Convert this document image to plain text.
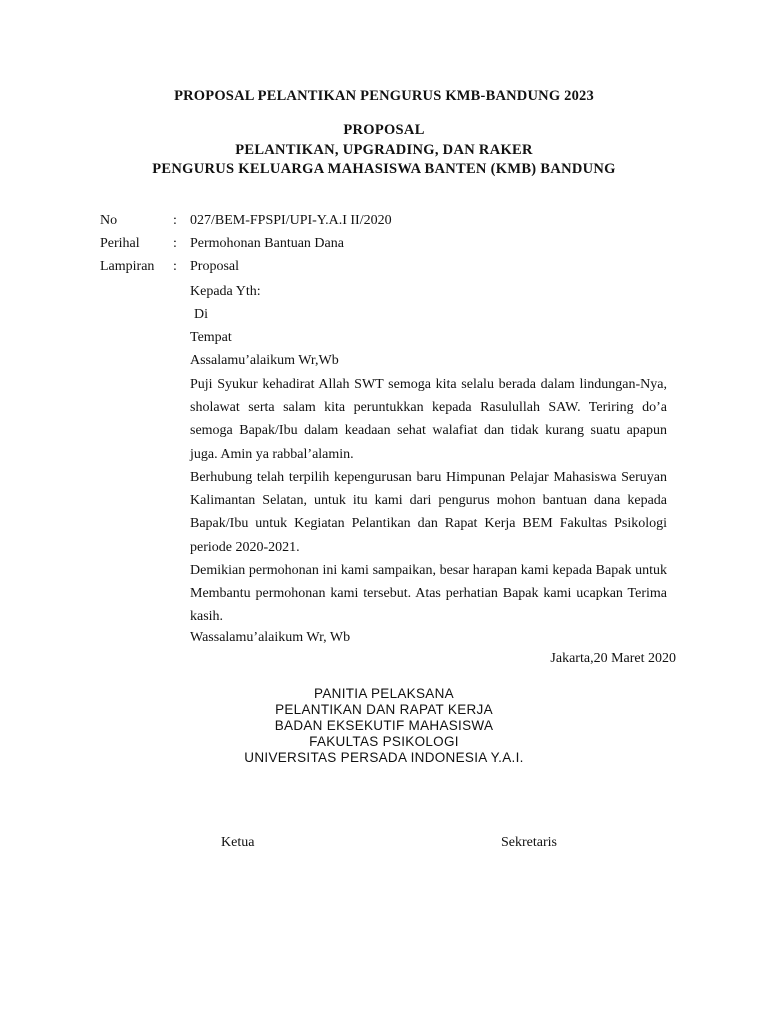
PROPOSAL PELANTIKAN PENGURUS KMB-BANDUNG 2023
PROPOSAL
PELANTIKAN, UPGRADING, DAN RAKER
PENGURUS KELUARGA MAHASISWA BANTEN (KMB) BANDUNG
No	: 027/BEM-FPSPI/UPI-Y.A.I II/2020
Perihal : Permohonan Bantuan Dana
Lampiran : Proposal
Kepada Yth:
Di
Tempat
Assalamu’alaikum Wr,Wb
Puji Syukur kehadirat Allah SWT semoga kita selalu berada dalam lindungan-Nya, sholawat serta salam kita peruntukkan kepada Rasulullah SAW. Teriring do’a semoga Bapak/Ibu dalam keadaan sehat walafiat dan tidak kurang suatu apapun juga. Amin ya rabbal’alamin.
Berhubung telah terpilih kepengurusan baru Himpunan Pelajar Mahasiswa Seruyan Kalimantan Selatan, untuk itu kami dari pengurus mohon bantuan dana kepada Bapak/Ibu untuk Kegiatan Pelantikan dan Rapat Kerja BEM Fakultas Psikologi periode 2020-2021.
Demikian permohonan ini kami sampaikan, besar harapan kami kepada Bapak untuk Membantu permohonan kami tersebut. Atas perhatian Bapak kami ucapkan Terima kasih.
Wassalamu’alaikum Wr, Wb
Jakarta,20 Maret 2020
PANITIA PELAKSANA
PELANTIKAN DAN RAPAT KERJA
BADAN EKSEKUTIF MAHASISWA
FAKULTAS PSIKOLOGI
UNIVERSITAS PERSADA INDONESIA Y.A.I.
Ketua	Sekretaris
